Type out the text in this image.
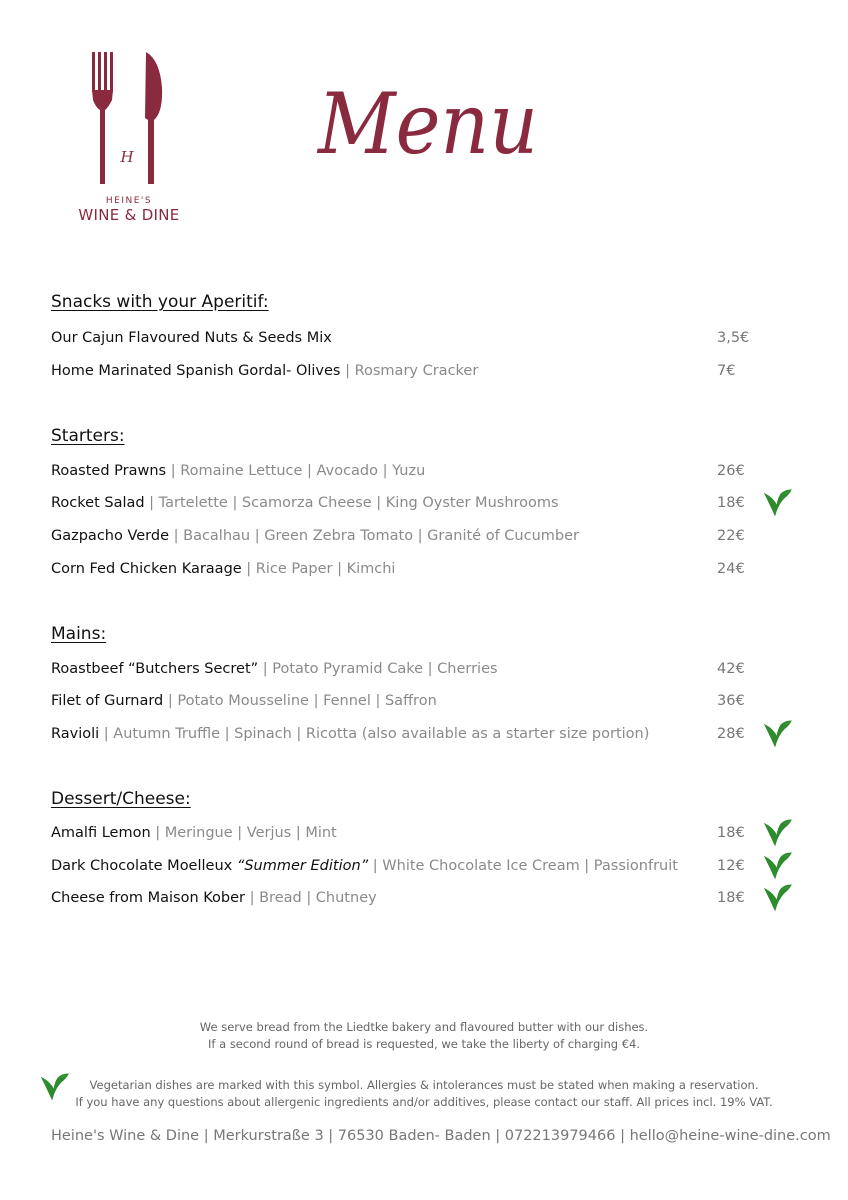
H
HEINE'S
WINE & DINE
Menu
Snacks with your Aperitif:
Starters:
Mains:
Dessert/Cheese:
Our Cajun Flavoured Nuts & Seeds Mix	3,5€
Home Marinated Spanish Gordal- Olives | Rosmary Cracker	7€
Roasted Prawns | Romaine Lettuce | Avocado | Yuzu	26€
Rocket Salad | Tartelette | Scamorza Cheese | King Oyster Mushrooms	18€
Gazpacho Verde | Bacalhau | Green Zebra Tomato | Granité of Cucumber	22€
Corn Fed Chicken Karaage | Rice Paper | Kimchi	24€
Roastbeef “Butchers Secret” | Potato Pyramid Cake | Cherries	42€
Filet of Gurnard | Potato Mousseline | Fennel | Saffron	36€
Ravioli | Autumn Truffle | Spinach | Ricotta (also available as a starter size portion)	28€
Amalfi Lemon | Meringue | Verjus | Mint	18€
Dark Chocolate Moelleux “Summer Edition” | White Chocolate Ice Cream | Passionfruit	12€
Cheese from Maison Kober | Bread | Chutney	18€
We serve bread from the Liedtke bakery and flavoured butter with our dishes.
If a second round of bread is requested, we take the liberty of charging €4.
Vegetarian dishes are marked with this symbol. Allergies & intolerances must be stated when making a reservation.
If you have any questions about allergenic ingredients and/or additives, please contact our staff. All prices incl. 19% VAT.
Heine's Wine & Dine | Merkurstraße 3 | 76530 Baden- Baden | 072213979466 | hello@heine-wine-dine.com
